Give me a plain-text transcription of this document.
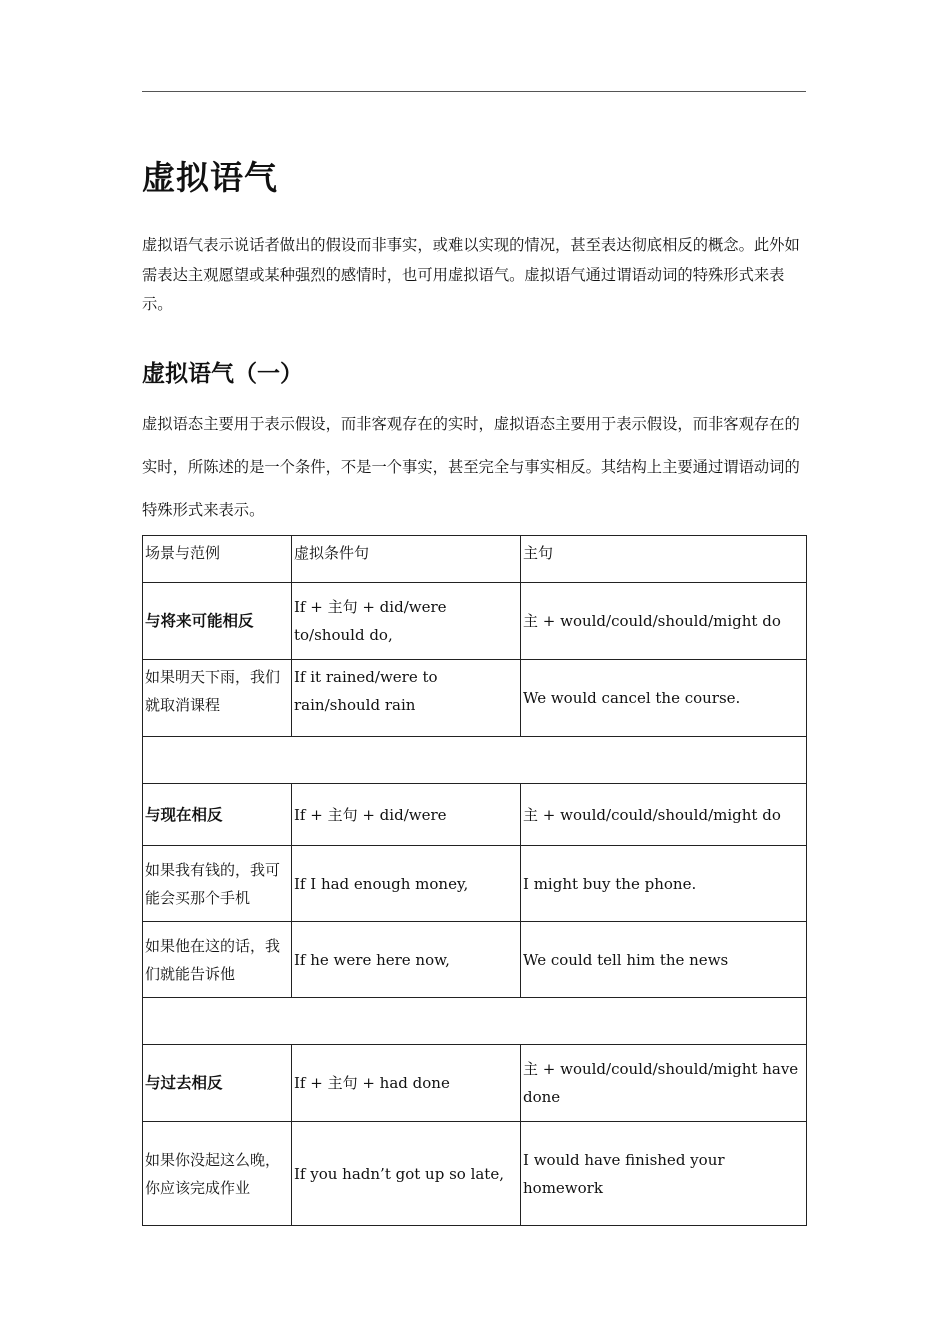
虚拟语气

虚拟语气表示说话者做出的假设而非事实，或难以实现的情况，甚至表达彻底相反的概念。此外如需表达主观愿望或某种强烈的感情时，也可用虚拟语气。虚拟语气通过谓语动词的特殊形式来表示。

虚拟语气（一）

虚拟语态主要用于表示假设，而非客观存在的实时，虚拟语态主要用于表示假设，而非客观存在的实时，所陈述的是一个条件，不是一个事实，甚至完全与事实相反。其结构上主要通过谓语动词的特殊形式来表示。

场景与范例	虚拟条件句	主句
与将来可能相反	If + 主句 + did/were to/should do,	主 + would/could/should/might do
如果明天下雨，我们就取消课程	If it rained/were to rain/should rain	We would cancel the course.

与现在相反	If + 主句 + did/were	主 + would/could/should/might do
如果我有钱的，我可能会买那个手机	If I had enough money,	I might buy the phone.
如果他在这的话，我们就能告诉他	If he were here now,	We could tell him the news

与过去相反	If + 主句 + had done	主 + would/could/should/might have done
如果你没起这么晚，你应该完成作业	If you hadn’t got up so late,	I would have finished your homework
